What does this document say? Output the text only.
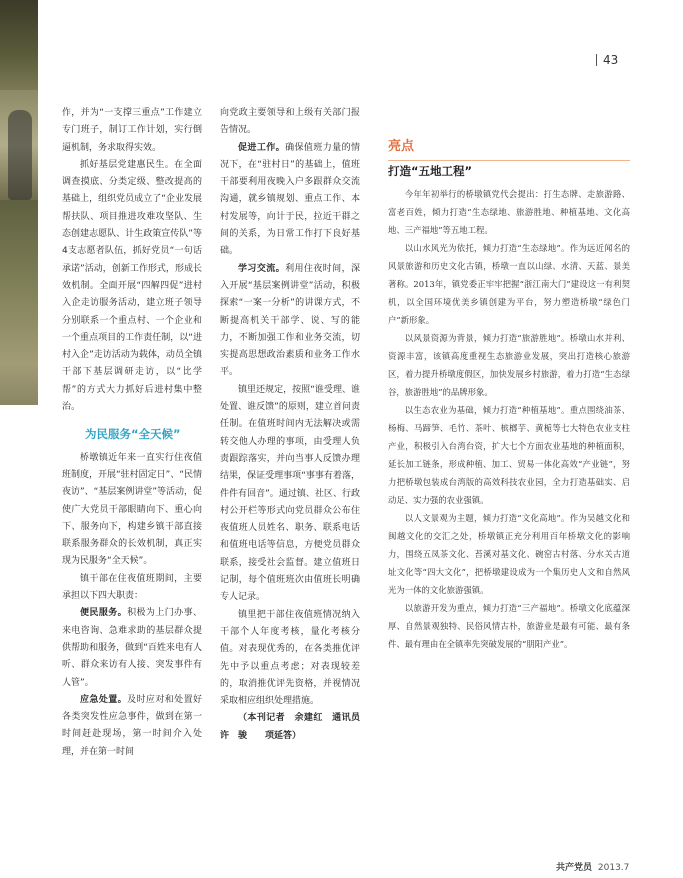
43

作，并为“一支撑三重点”工作建立专门班子，制订工作计划，实行倒逼机制，务求取得实效。

抓好基层党建惠民生。在全面调查摸底、分类定级、整改提高的基础上，组织党员成立了“企业发展帮扶队、项目推进攻难攻坚队、生态创建志愿队、计生政策宣传队”等4支志愿者队伍，抓好党员“一句话承诺”活动，创新工作形式，形成长效机制。全面开展“四解四促”进村入企走访服务活动，建立班子领导分别联系一个重点村、一个企业和一个重点项目的工作责任制，以“进村入企”走访活动为载体，动员全镇干部下基层调研走访，以“比学帮”的方式大力抓好后进村集中整治。

为民服务“全天候”

桥墩镇近年来一直实行住夜值班制度，开展“驻村固定日”、“民情夜访”、“基层案例讲堂”等活动，促使广大党员干部眼睛向下、重心向下、服务向下，构建乡镇干部直接联系服务群众的长效机制，真正实现为民服务“全天候”。

镇干部在住夜值班期间，主要承担以下四大职责：

便民服务。积极为上门办事、来电咨询、急难求助的基层群众提供帮助和服务，做到“百姓来电有人听、群众来访有人接、突发事件有人管”。

应急处置。及时应对和处置好各类突发性应急事件，做到在第一时间赶赴现场，第一时间介入处理，并在第一时间

向党政主要领导和上级有关部门报告情况。

促进工作。确保值班力量的情况下，在“驻村日”的基础上，值班干部要利用夜晚入户多跟群众交流沟通，就乡镇规划、重点工作、本村发展等，向计于民，拉近干群之间的关系，为日常工作打下良好基础。

学习交流。利用住夜时间，深入开展“基层案例讲堂”活动，积极探索“一案一分析”的讲课方式，不断提高机关干部学、说、写的能力，不断加强工作和业务交流，切实提高思想政治素质和业务工作水平。

镇里还规定，按照“谁受理、谁处置、谁反馈”的原则，建立首问责任制。在值班时间内无法解决或需转交他人办理的事项，由受理人负责跟踪落实，并向当事人反馈办理结果，保证受理事项“事事有着落，件件有回音”。通过镇、社区、行政村公开栏等形式向党员群众公布住夜值班人员姓名、职务、联系电话和值班电话等信息，方便党员群众联系，接受社会监督。建立值班日记制，每个值班班次由值班长明确专人记录。

镇里把干部住夜值班情况纳入干部个人年度考核，量化考核分值。对表现优秀的，在各类推优评先中予以重点考虑；对表现较差的，取消推优评先资格，并视情况采取相应组织处理措施。

（本刊记者　余建红　通讯员　许　骏　　项延答）

亮点
打造“五地工程”

今年年初举行的桥墩镇党代会提出：打生态牌、走旅游路、富老百姓，倾力打造“生态绿地、旅游胜地、种植基地、文化高地、三产福地”等五地工程。

以山水风光为依托，倾力打造“生态绿地”。作为远近闻名的风景旅游和历史文化古镇，桥墩一直以山绿、水清、天蓝、景美著称。2013年，镇党委正牢牢把握“浙江南大门”建设这一有利契机，以全国环境优美乡镇创建为平台，努力塑造桥墩“绿色门户”新形象。

以风景资源为背景，倾力打造“旅游胜地”。桥墩山水并利、资源丰富，该镇高度重视生态旅游业发展，突出打造核心旅游区，着力提升桥墩度假区，加快发展乡村旅游，着力打造“生态绿谷，旅游胜地”的品牌形象。

以生态农业为基础，倾力打造“种植基地”。重点围绕油茶、杨梅、马蹄笋、毛竹、茶叶、槟榔芋、黄栀等七大特色农业支柱产业，积极引入台湾台资，扩大七个方面农业基地的种植面积，延长加工链条，形成种植、加工、贸易一体化高效“产业链”，努力把桥墩包装成台湾版的高效科技农业园，全力打造基础实、启动足、实力强的农业强镇。

以人文景观为主题，倾力打造“文化高地”。作为吴越文化和闽越文化的交汇之处，桥墩镇正充分利用百年桥墩文化的影响力，围绕五凤茶文化、苔溪对基文化、碗窑古村落、分水关古道址文化等“四大文化”，把桥墩建设成为一个集历史人文和自然风光为一体的文化旅游强镇。

以旅游开发为重点，倾力打造“三产福地”。桥墩文化底蕴深厚、自然景观独特、民俗风情古朴，旅游业是最有可能、最有条件、最有理由在全镇率先突破发展的“朋阳产业”。

共产党员 2013.7
